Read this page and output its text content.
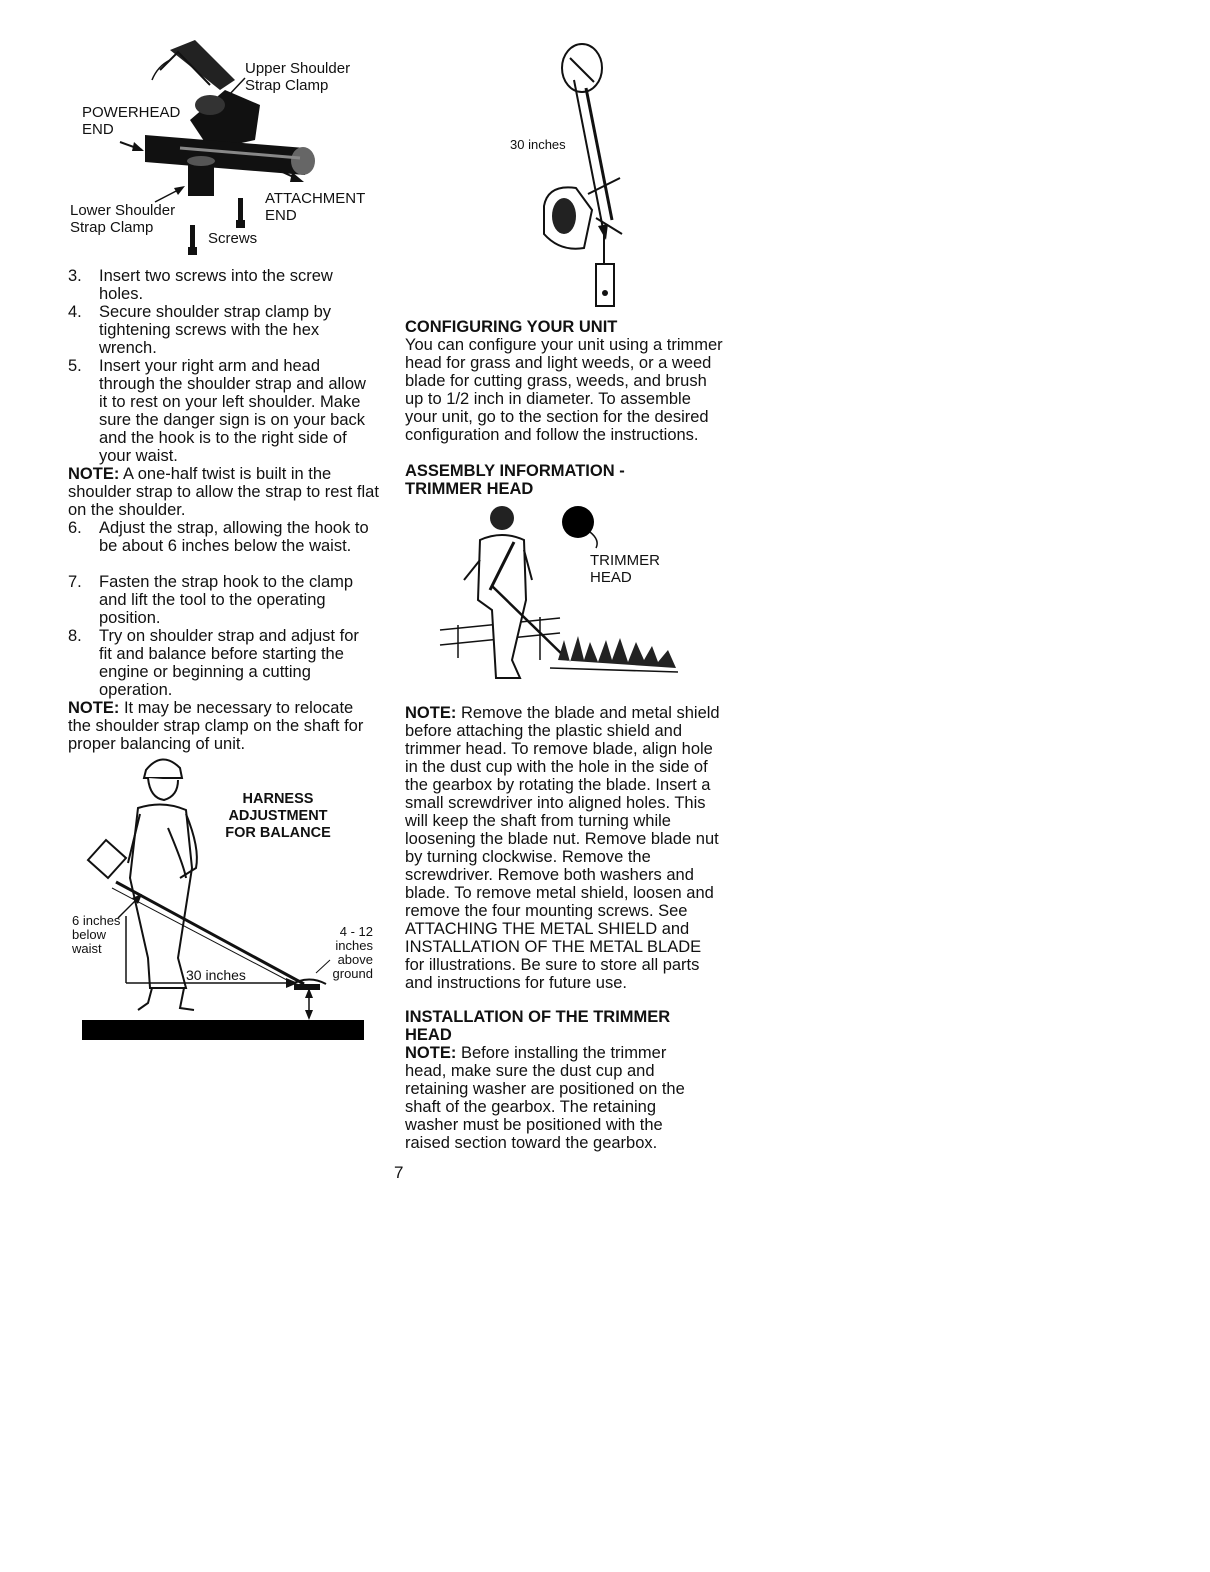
Upper Shoulder Strap Clamp
POWERHEAD END
ATTACHMENT END
Lower Shoulder Strap Clamp
Screws
3. Insert two screws into the screw holes.
4. Secure shoulder strap clamp by tightening screws with the hex wrench.
5. Insert your right arm and head through the shoulder strap and allow it to rest on your left shoulder. Make sure the danger sign is on your back and the hook is to the right side of your waist.
NOTE: A one-half twist is built in the shoulder strap to allow the strap to rest flat on the shoulder.
6. Adjust the strap, allowing the hook to be about 6 inches below the waist.
7. Fasten the strap hook to the clamp and lift the tool to the operating position.
8. Try on shoulder strap and adjust for fit and balance before starting the engine or beginning a cutting operation.
NOTE: It may be necessary to relocate the shoulder strap clamp on the shaft for proper balancing of unit.
HARNESS ADJUSTMENT FOR BALANCE
6 inches below waist
30 inches
4 - 12 inches above ground
30 inches
CONFIGURING YOUR UNIT
You can configure your unit using a trimmer head for grass and light weeds, or a weed blade for cutting grass, weeds, and brush up to 1/2 inch in diameter. To assemble your unit, go to the section for the desired configuration and follow the instructions.
ASSEMBLY INFORMATION - TRIMMER HEAD
TRIMMER HEAD
NOTE: Remove the blade and metal shield before attaching the plastic shield and trimmer head. To remove blade, align hole in the dust cup with the hole in the side of the gearbox by rotating the blade. Insert a small screwdriver into aligned holes. This will keep the shaft from turning while loosening the blade nut. Remove blade nut by turning clockwise. Remove the screwdriver. Remove both washers and blade. To remove metal shield, loosen and remove the four mounting screws. See ATTACHING THE METAL SHIELD and INSTALLATION OF THE METAL BLADE for illustrations. Be sure to store all parts and instructions for future use.
INSTALLATION OF THE TRIMMER HEAD
NOTE: Before installing the trimmer head, make sure the dust cup and retaining washer are positioned on the shaft of the gearbox. The retaining washer must be positioned with the raised section toward the gearbox.
7
